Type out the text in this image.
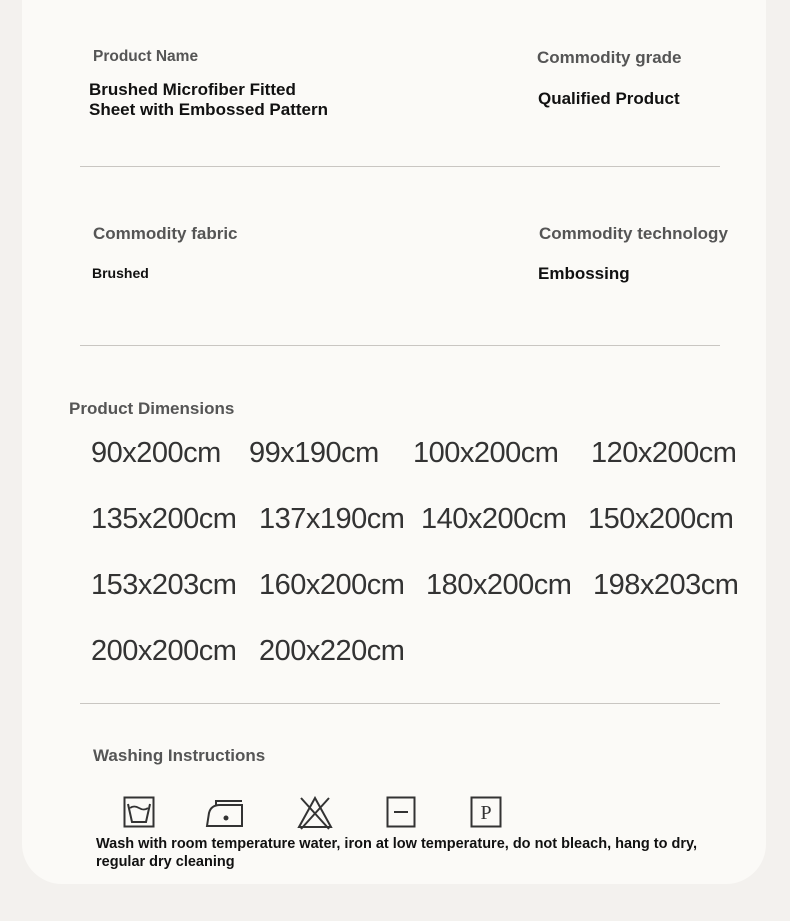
Product Name
Brushed Microfiber Fitted
Sheet with Embossed Pattern
Commodity grade
Qualified Product
Commodity fabric
Brushed
Commodity technology
Embossing
Product Dimensions
90x200cm 99x190cm 100x200cm 120x200cm
135x200cm 137x190cm 140x200cm 150x200cm
153x203cm 160x200cm 180x200cm 198x203cm
200x200cm 200x220cm
Washing Instructions
P
Wash with room temperature water, iron at low temperature, do not bleach, hang to dry,
regular dry cleaning
